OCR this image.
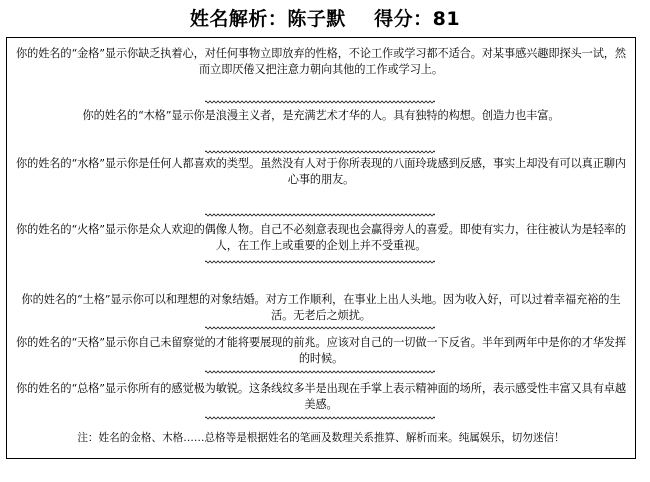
姓名解析：陈子默 得分：81
你的姓名的“金格”显示你缺乏执着心，对任何事物立即放弃的性格，不论工作或学习都不适合。对某事感兴趣即探头一试，然而立即厌倦又把注意力朝向其他的工作或学习上。
你的姓名的“木格”显示你是浪漫主义者，是充满艺术才华的人。具有独特的构想。创造力也丰富。
你的姓名的“水格”显示你是任何人都喜欢的类型。虽然没有人对于你所表现的八面玲珑感到反感，事实上却没有可以真正聊内心事的朋友。
你的姓名的“火格”显示你是众人欢迎的偶像人物。自己不必刻意表现也会赢得旁人的喜爱。即使有实力，往往被认为是轻率的人，在工作上或重要的企划上并不受重视。
你的姓名的“土格”显示你可以和理想的对象结婚。对方工作顺利，在事业上出人头地。因为收入好，可以过着幸福充裕的生活。无老后之烦扰。
你的姓名的“天格”显示你自己未留察觉的才能将要展现的前兆。应该对自己的一切做一下反省。半年到两年中是你的才华发挥的时候。
你的姓名的“总格”显示你所有的感觉极为敏锐。这条线纹多半是出现在手掌上表示精神面的场所，表示感受性丰富又具有卓越美感。
注：姓名的金格、木格……总格等是根据姓名的笔画及数理关系推算、解析而来。纯属娱乐，切勿迷信！
